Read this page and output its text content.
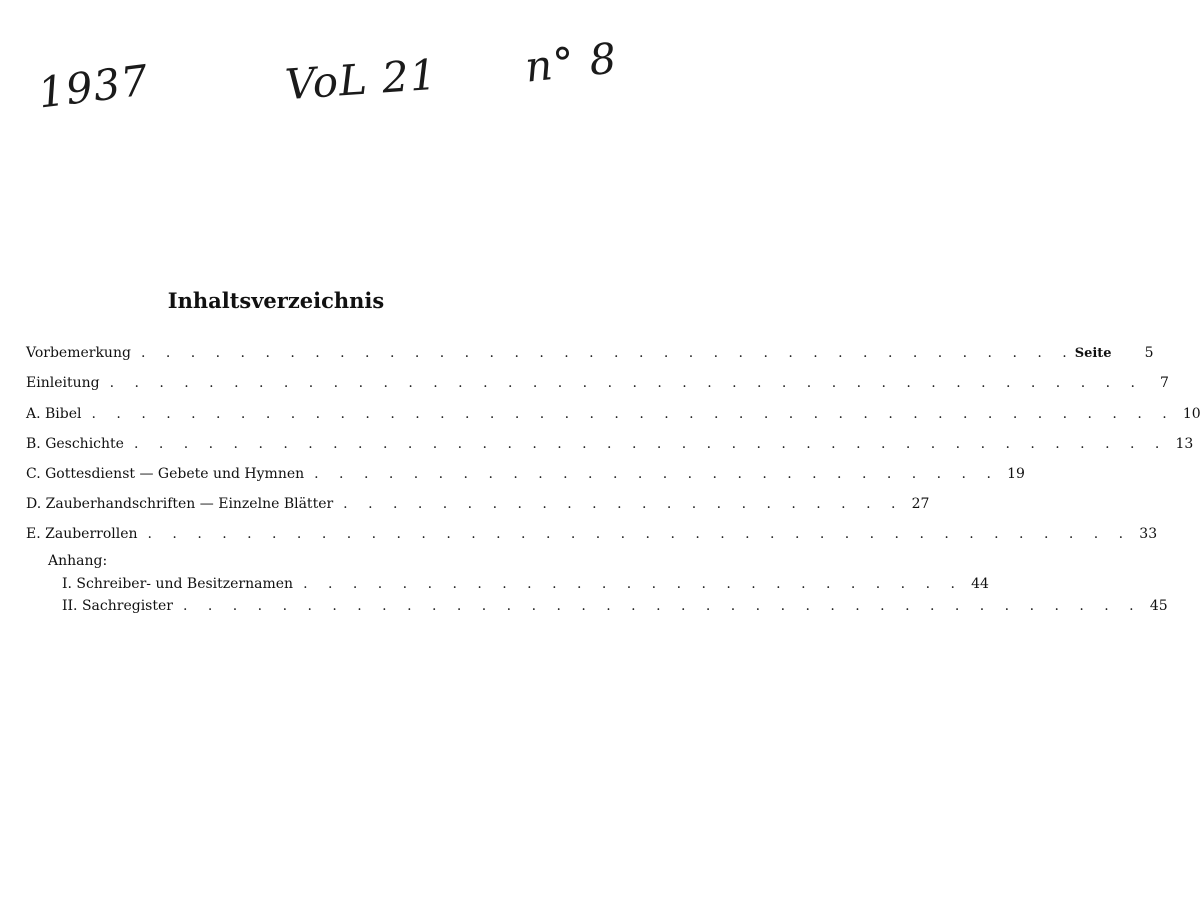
1937	VoL 21 n° 8
Inhaltsverzeichnis
Vorbemerkung . . . . . . . . . . . . . . . . . . . . . . . . . . . . . . . . . . . . . . Seite	5
Einleitung . . . . . . . . . . . . . . . . . . . . . . . . . . . . . . . . . . . . . . . . . .	7
A. Bibel . . . . . . . . . . . . . . . . . . . . . . . . . . . . . . . . . . . . . . . . . . . . 10
B. Geschichte . . . . . . . . . . . . . . . . . . . . . . . . . . . . . . . . . . . . . . . . . . 13
C. Gottesdienst — Gebete und Hymnen . . . . . . . . . . . . . . . . . . . . . . . . . . . . 19
D. Zauberhandschriften — Einzelne Blätter . . . . . . . . . . . . . . . . . . . . . . . 27
E. Zauberrollen . . . . . . . . . . . . . . . . . . . . . . . . . . . . . . . . . . . . . . . . 33
Anhang:
I. Schreiber- und Besitzernamen . . . . . . . . . . . . . . . . . . . . . . . . . . . 44
II. Sachregister . . . . . . . . . . . . . . . . . . . . . . . . . . . . . . . . . . . . . . . 45
